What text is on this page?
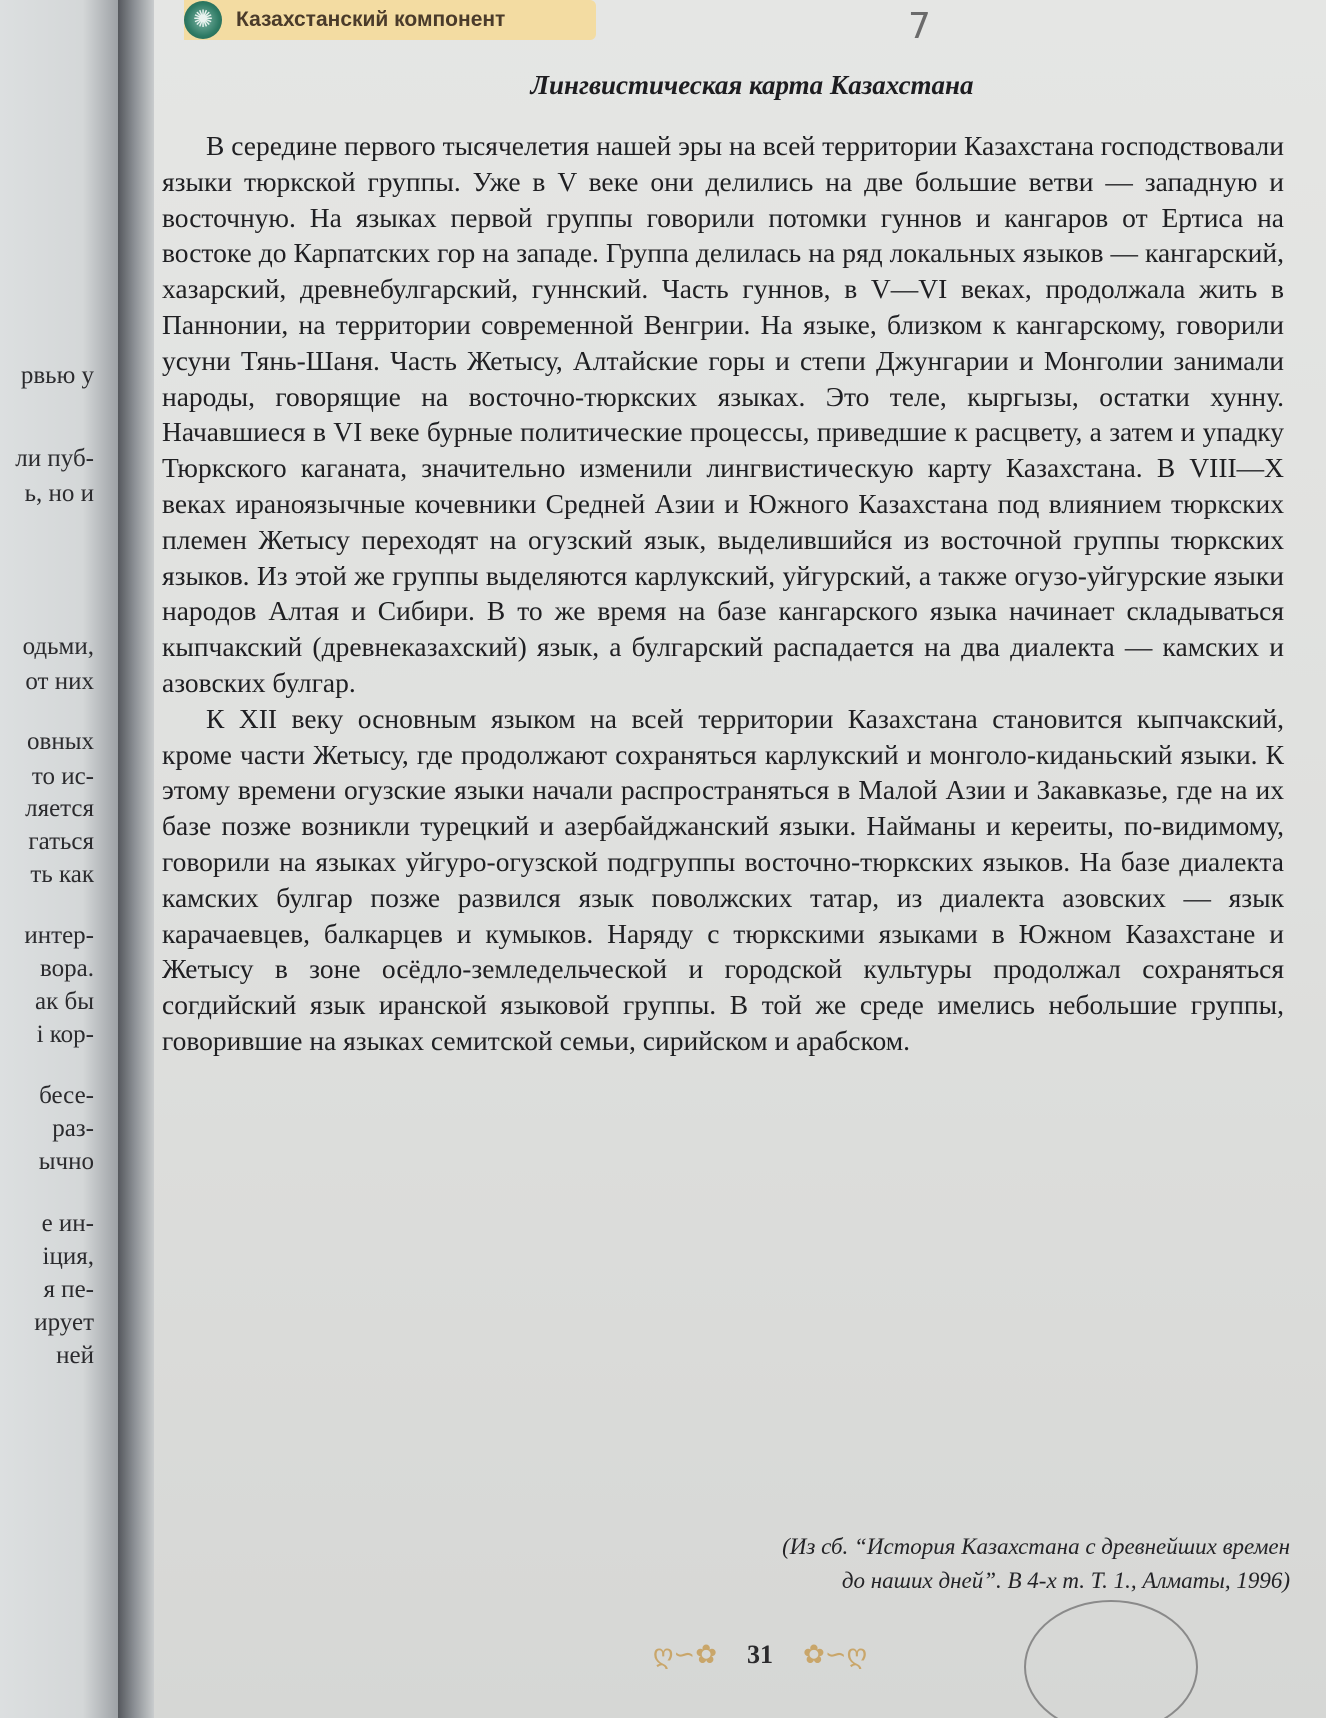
рвью у
ли пуб-
ь, но и
одьми,
от них
овных
то ис-
ляется
гаться
ть как
интер-
вора.
ак бы
і кор-
бесе-
раз-
ычно
е ин-
іция,
я пе-
ирует
ней
✺	Казахстанский компонент	7
Лингвистическая карта Казахстана

В середине первого тысячелетия нашей эры на всей территории Казахстана господствовали языки тюркской группы. Уже в V веке они делились на две большие ветви — западную и восточную. На языках первой группы говорили потомки гуннов и кангаров от Ертиса на востоке до Карпатских гор на западе. Группа делилась на ряд локальных языков — кангарский, хазарский, древнебулгарский, гуннский. Часть гуннов, в V—VI веках, продолжала жить в Паннонии, на территории современной Венгрии. На языке, близком к кангарскому, говорили усуни Тянь-Шаня. Часть Жетысу, Алтайские горы и степи Джунгарии и Монголии занимали народы, говорящие на восточно-тюркских языках. Это теле, кыргызы, остатки хунну. Начавшиеся в VI веке бурные политические процессы, приведшие к расцвету, а затем и упадку Тюркского каганата, значительно изменили лингвистическую карту Казахстана. В VIII—X веках ираноязычные кочевники Средней Азии и Южного Казахстана под влиянием тюркских племен Жетысу переходят на огузский язык, выделившийся из восточной группы тюркских языков. Из этой же группы выделяются карлукский, уйгурский, а также огузо-уйгурские языки народов Алтая и Сибири. В то же время на базе кангарского языка начинает складываться кыпчакский (древнеказахский) язык, а булгарский распадается на два диалекта — камских и азовских булгар.

К XII веку основным языком на всей территории Казахстана становится кыпчакский, кроме части Жетысу, где продолжают сохраняться карлукский и монголо-киданьский языки. К этому времени огузские языки начали распространяться в Малой Азии и Закавказье, где на их базе позже возникли турецкий и азербайджанский языки. Найманы и кереиты, по-видимому, говорили на языках уйгуро-огузской подгруппы восточно-тюркских языков. На базе диалекта камских булгар позже развился язык поволжских татар, из диалекта азовских — язык карачаевцев, балкарцев и кумыков. Наряду с тюркскими языками в Южном Казахстане и Жетысу в зоне осёдло-земледельческой и городской культуры продолжал сохраняться согдийский язык иранской языковой группы. В той же среде имелись небольшие группы, говорившие на языках семитской семьи, сирийском и арабском.

(Из сб. “История Казахстана с древнейших времен
до наших дней”. В 4-х т. Т. 1., Алматы, 1996)
ღ∽✿ 31 ✿∽ღ
